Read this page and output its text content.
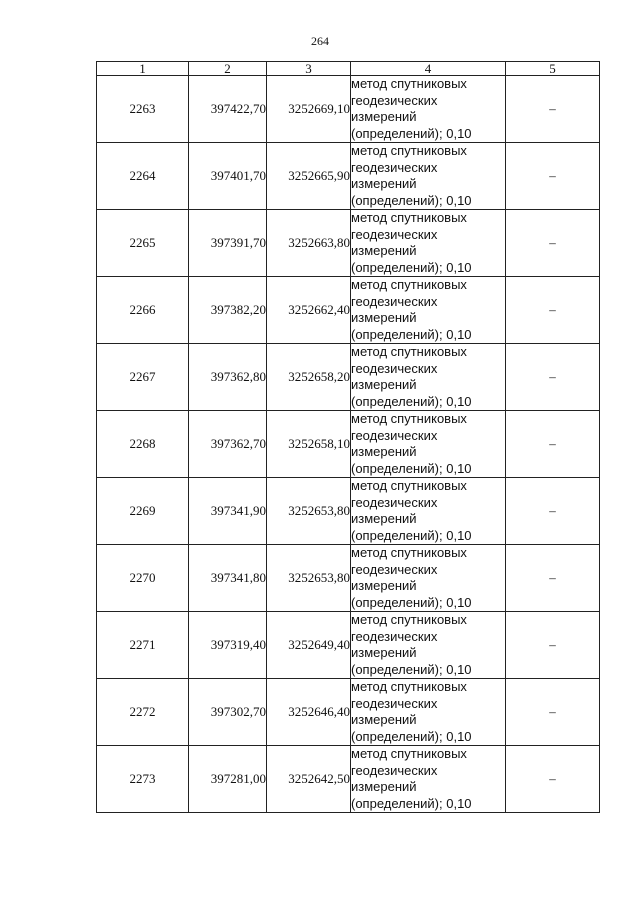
264
1	2	3	4	5
2263	397422,70	3252669,10	метод спутниковых
геодезических
измерений
(определений); 0,10	–
2264	397401,70	3252665,90	метод спутниковых
геодезических
измерений
(определений); 0,10	–
2265	397391,70	3252663,80	метод спутниковых
геодезических
измерений
(определений); 0,10	–
2266	397382,20	3252662,40	метод спутниковых
геодезических
измерений
(определений); 0,10	–
2267	397362,80	3252658,20	метод спутниковых
геодезических
измерений
(определений); 0,10	–
2268	397362,70	3252658,10	метод спутниковых
геодезических
измерений
(определений); 0,10	–
2269	397341,90	3252653,80	метод спутниковых
геодезических
измерений
(определений); 0,10	–
2270	397341,80	3252653,80	метод спутниковых
геодезических
измерений
(определений); 0,10	–
2271	397319,40	3252649,40	метод спутниковых
геодезических
измерений
(определений); 0,10	–
2272	397302,70	3252646,40	метод спутниковых
геодезических
измерений
(определений); 0,10	–
2273	397281,00	3252642,50	метод спутниковых
геодезических
измерений
(определений); 0,10	–
